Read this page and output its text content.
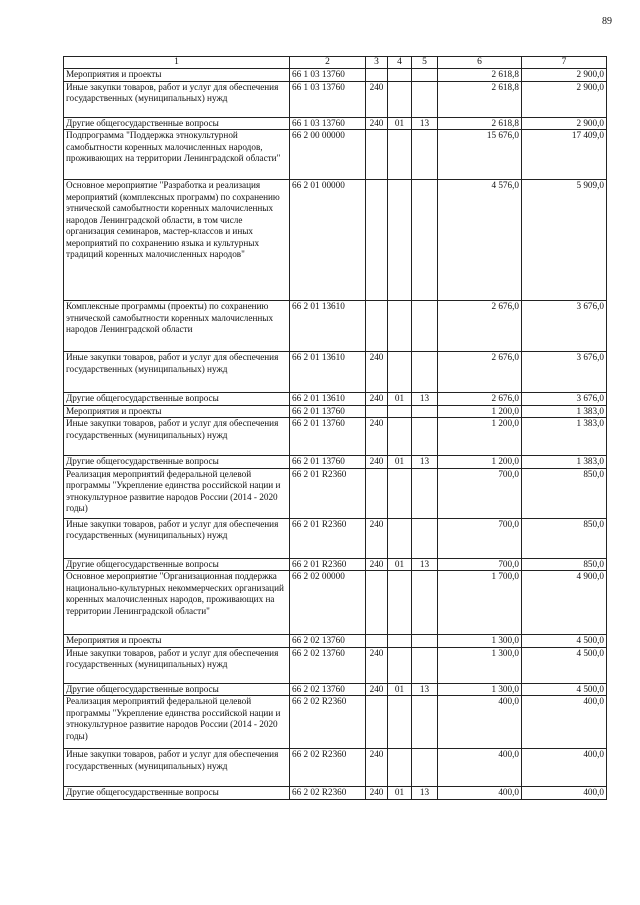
89
1	2	3	4	5	6	7
Мероприятия и проекты	66 1 03 13760				2 618,8	2 900,0
Иные закупки товаров, работ и услуг для обеспечения государственных (муниципальных) нужд	66 1 03 13760	240			2 618,8	2 900,0
Другие общегосударственные вопросы	66 1 03 13760	240	01	13	2 618,8	2 900,0
Подпрограмма "Поддержка этнокультурной самобытности коренных малочисленных народов, проживающих на территории Ленинградской области"	66 2 00 00000				15 676,0	17 409,0
Основное мероприятие "Разработка и реализация мероприятий (комплексных программ) по сохранению этнической самобытности коренных малочисленных народов Ленинградской области, в том числе организация семинаров, мастер-классов и иных мероприятий по сохранению языка и культурных традиций коренных малочисленных народов"	66 2 01 00000				4 576,0	5 909,0
Комплексные программы (проекты) по сохранению этнической самобытности коренных малочисленных народов Ленинградской области	66 2 01 13610				2 676,0	3 676,0
Иные закупки товаров, работ и услуг для обеспечения государственных (муниципальных) нужд	66 2 01 13610	240			2 676,0	3 676,0
Другие общегосударственные вопросы	66 2 01 13610	240	01	13	2 676,0	3 676,0
Мероприятия и проекты	66 2 01 13760				1 200,0	1 383,0
Иные закупки товаров, работ и услуг для обеспечения государственных (муниципальных) нужд	66 2 01 13760	240			1 200,0	1 383,0
Другие общегосударственные вопросы	66 2 01 13760	240	01	13	1 200,0	1 383,0
Реализация мероприятий федеральной целевой программы "Укрепление единства российской нации и этнокультурное развитие народов России (2014 - 2020 годы)	66 2 01 R2360				700,0	850,0
Иные закупки товаров, работ и услуг для обеспечения государственных (муниципальных) нужд	66 2 01 R2360	240			700,0	850,0
Другие общегосударственные вопросы	66 2 01 R2360	240	01	13	700,0	850,0
Основное мероприятие "Организационная поддержка национально-культурных некоммерческих организаций коренных малочисленных народов, проживающих на территории Ленинградской области"	66 2 02 00000				1 700,0	4 900,0
Мероприятия и проекты	66 2 02 13760				1 300,0	4 500,0
Иные закупки товаров, работ и услуг для обеспечения государственных (муниципальных) нужд	66 2 02 13760	240			1 300,0	4 500,0
Другие общегосударственные вопросы	66 2 02 13760	240	01	13	1 300,0	4 500,0
Реализация мероприятий федеральной целевой программы "Укрепление единства российской нации и этнокультурное развитие народов России (2014 - 2020 годы)	66 2 02 R2360				400,0	400,0
Иные закупки товаров, работ и услуг для обеспечения государственных (муниципальных) нужд	66 2 02 R2360	240			400,0	400,0
Другие общегосударственные вопросы	66 2 02 R2360	240	01	13	400,0	400,0
